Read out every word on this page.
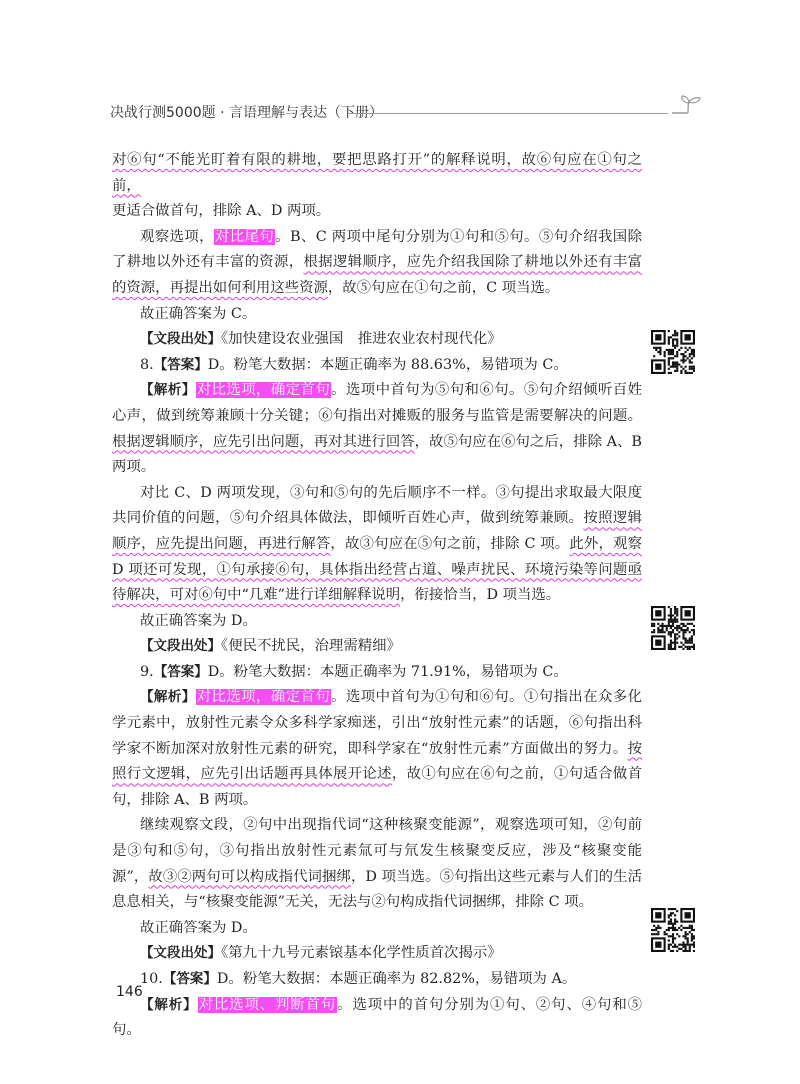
决战行测5000题 · 言语理解与表达（下册）

对⑥句“不能光盯着有限的耕地，要把思路打开”的解释说明，故⑥句应在①句之前，
更适合做首句，排除 A、D 两项。

观察选项，对比尾句。B、C 两项中尾句分别为①句和⑤句。⑤句介绍我国除了耕地以外还有丰富的资源，根据逻辑顺序，应先介绍我国除了耕地以外还有丰富的资源，再提出如何利用这些资源，故⑤句应在①句之前，C 项当选。

故正确答案为 C。

【文段出处】《加快建设农业强国　推进农业农村现代化》

8.【答案】D。粉笔大数据：本题正确率为 88.63%，易错项为 C。

【解析】对比选项，确定首句。选项中首句为⑤句和⑥句。⑤句介绍倾听百姓心声，做到统筹兼顾十分关键；⑥句指出对摊贩的服务与监管是需要解决的问题。根据逻辑顺序，应先引出问题，再对其进行回答，故⑤句应在⑥句之后，排除 A、B 两项。

对比 C、D 两项发现，③句和⑤句的先后顺序不一样。③句提出求取最大限度共同价值的问题，⑤句介绍具体做法，即倾听百姓心声，做到统筹兼顾。按照逻辑顺序，应先提出问题，再进行解答，故③句应在⑤句之前，排除 C 项。此外，观察 D 项还可发现，①句承接⑥句，具体指出经营占道、噪声扰民、环境污染等问题亟待解决，可对⑥句中“几难”进行详细解释说明，衔接恰当，D 项当选。

故正确答案为 D。

【文段出处】《便民不扰民，治理需精细》

9.【答案】D。粉笔大数据：本题正确率为 71.91%，易错项为 C。

【解析】对比选项，确定首句。选项中首句为①句和⑥句。①句指出在众多化学元素中，放射性元素令众多科学家痴迷，引出“放射性元素”的话题，⑥句指出科学家不断加深对放射性元素的研究，即科学家在“放射性元素”方面做出的努力。按照行文逻辑，应先引出话题再具体展开论述，故①句应在⑥句之前，①句适合做首句，排除 A、B 两项。

继续观察文段，②句中出现指代词“这种核聚变能源”，观察选项可知，②句前是③句和⑤句，③句指出放射性元素氚可与氘发生核聚变反应，涉及“核聚变能源”，故③②两句可以构成指代词捆绑，D 项当选。⑤句指出这些元素与人们的生活息息相关，与“核聚变能源”无关，无法与②句构成指代词捆绑，排除 C 项。

故正确答案为 D。

【文段出处】《第九十九号元素锿基本化学性质首次揭示》

10.【答案】D。粉笔大数据：本题正确率为 82.82%，易错项为 A。

【解析】对比选项、判断首句。选项中的首句分别为①句、②句、④句和⑤句。

146
